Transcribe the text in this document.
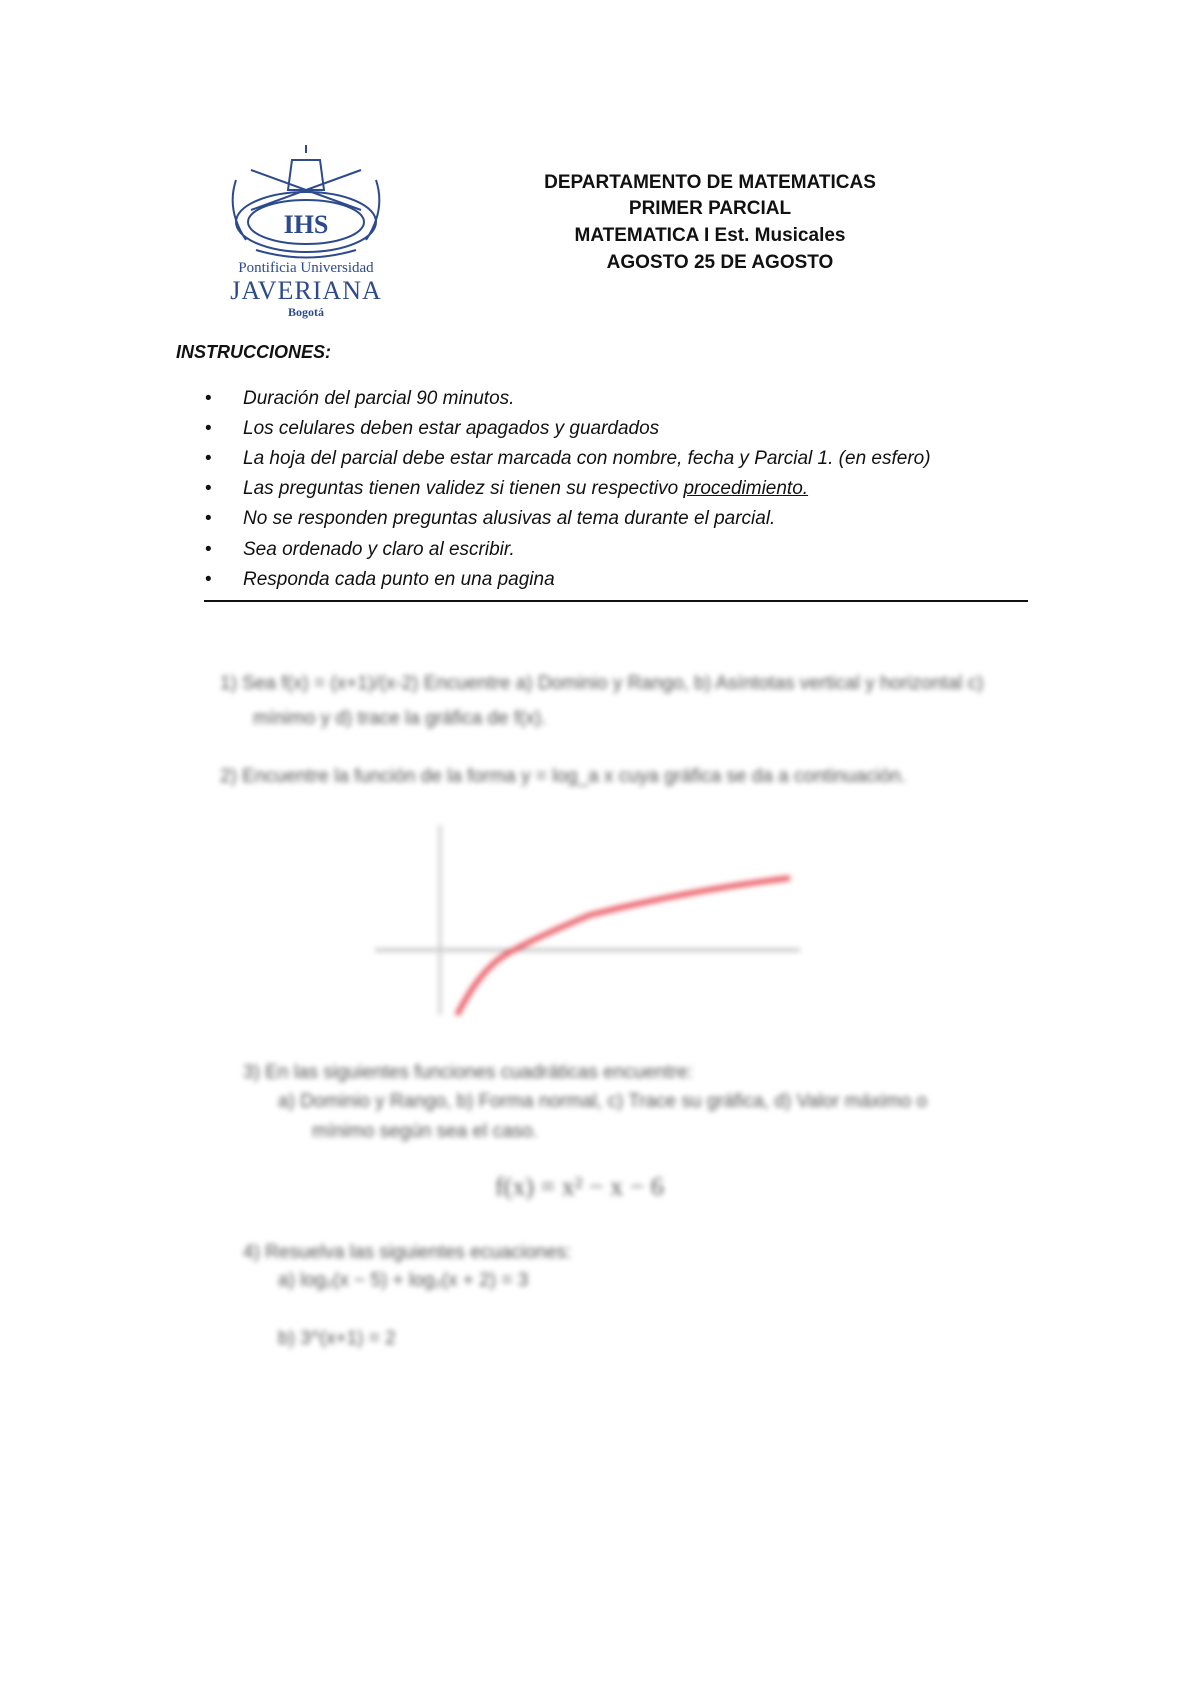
IHS
Pontificia Universidad
JAVERIANA
Bogotá
DEPARTAMENTO DE MATEMATICAS
PRIMER PARCIAL
MATEMATICA I Est. Musicales
AGOSTO 25 DE AGOSTO
INSTRUCCIONES:
• Duración del parcial 90 minutos.
• Los celulares deben estar apagados y guardados
• La hoja del parcial debe estar marcada con nombre, fecha y Parcial 1. (en esfero)
• Las preguntas tienen validez si tienen su respectivo procedimiento.
• No se responden preguntas alusivas al tema durante el parcial.
• Sea ordenado y claro al escribir.
• Responda cada punto en una pagina
1) Sea f(x) = (x+1)/(x-2) Encuentre a) Dominio y Rango, b) Asíntotas vertical y horizontal c)
mínimo y d) trace la gráfica de f(x).
2) Encuentre la función de la forma y = log_a x cuya gráfica se da a continuación.
3) En las siguientes funciones cuadráticas encuentre:
a) Dominio y Rango, b) Forma normal, c) Trace su gráfica, d) Valor máximo o
mínimo según sea el caso.
f(x) = x² − x − 6
4) Resuelva las siguientes ecuaciones:
a) log₂(x − 5) + log₂(x + 2) = 3
b) 3^(x+1) = 2
